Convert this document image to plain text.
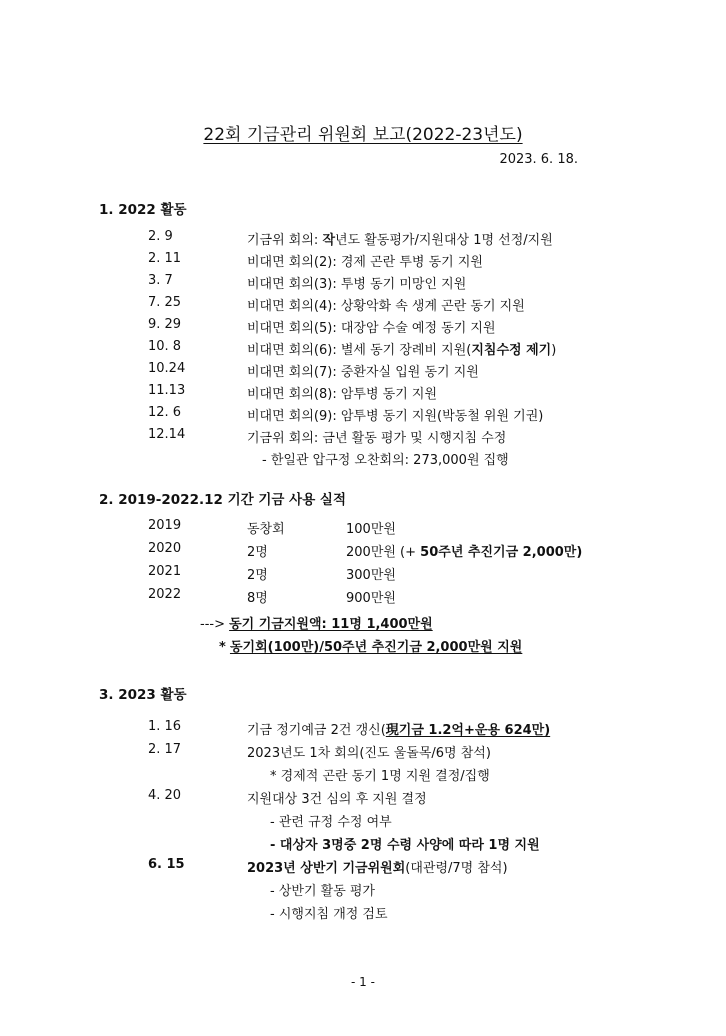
22회 기금관리 위원회 보고(2022-23년도)
2023. 6. 18.
1. 2022 활동
2. 9	기금위 회의: 작년도 활동평가/지원대상 1명 선정/지원
2. 11	비대면 회의(2): 경제 곤란 투병 동기 지원
3. 7	비대면 회의(3): 투병 동기 미망인 지원
7. 25	비대면 회의(4): 상황악화 속 생계 곤란 동기 지원
9. 29	비대면 회의(5): 대장암 수술 예정 동기 지원
10. 8	비대면 회의(6): 별세 동기 장례비 지원(지침수정 제기)
10.24	비대면 회의(7): 중환자실 입원 동기 지원
11.13	비대면 회의(8): 암투병 동기 지원
12. 6	비대면 회의(9): 암투병 동기 지원(박동철 위원 기권)
12.14	기금위 회의: 금년 활동 평가 및 시행지침 수정
- 한일관 압구정 오찬회의: 273,000원 집행
2. 2019-2022.12 기간 기금 사용 실적
2019	동창회	100만원
2020	2명	200만원 (+ 50주년 추진기금 2,000만)
2021	2명	300만원
2022	8명	900만원
---> 동기 기금지원액: 11명 1,400만원
* 동기회(100만)/50주년 추진기금 2,000만원 지원
3. 2023 활동
1. 16	기금 정기예금 2건 갱신(現기금 1.2억+운용 624만)
2. 17	2023년도 1차 회의(진도 울돌목/6명 참석)
* 경제적 곤란 동기 1명 지원 결정/집행
4. 20	지원대상 3건 심의 후 지원 결정
- 관련 규정 수정 여부
- 대상자 3명중 2명 수령 사양에 따라 1명 지원
6. 15	2023년 상반기 기금위원회(대관령/7명 참석)
- 상반기 활동 평가
- 시행지침 개정 검토
- 1 -
